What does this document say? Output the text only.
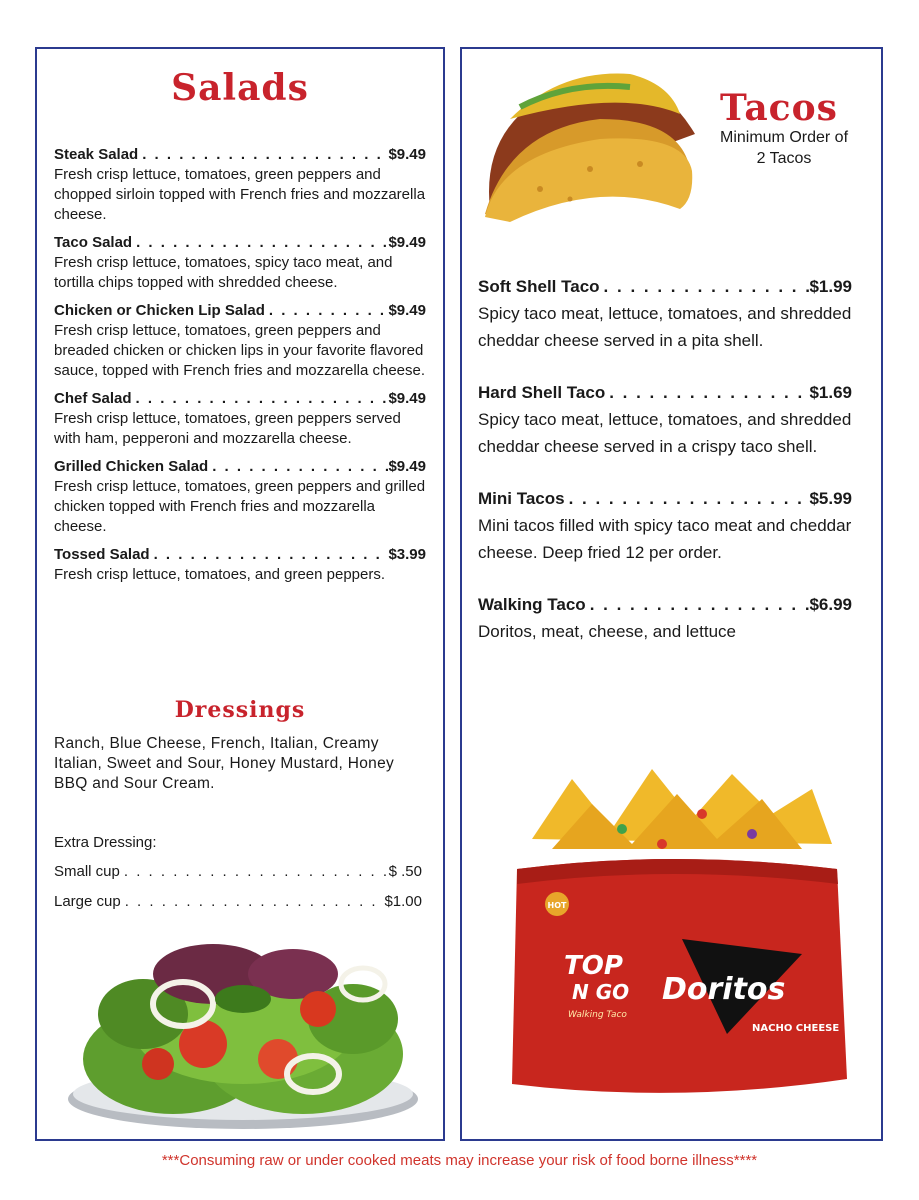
Salads
Steak Salad . . .	$9.49
Fresh crisp lettuce, tomatoes, green peppers and chopped sirloin topped with French fries and mozzarella cheese.
Taco Salad . . .	$9.49
Fresh crisp lettuce, tomatoes, spicy taco meat, and tortilla chips topped with shredded cheese.
Chicken or Chicken Lip Salad . . .	$9.49
Fresh crisp lettuce, tomatoes, green peppers and breaded chicken or chicken lips in your favorite flavored sauce, topped with French fries and mozzarella cheese.
Chef Salad . . .	$9.49
Fresh crisp lettuce, tomatoes, green peppers served with ham, pepperoni and mozzarella cheese.
Grilled Chicken Salad . . .	$9.49
Fresh crisp lettuce, tomatoes, green peppers and grilled chicken topped with French fries and mozzarella cheese.
Tossed Salad . . .	$3.99
Fresh crisp lettuce, tomatoes, and green peppers.
Dressings
Ranch, Blue Cheese, French, Italian, Creamy Italian, Sweet and Sour, Honey Mustard, Honey BBQ and Sour Cream.
Extra Dressing:
Small cup . . .	$ .50
Large cup . . .	$1.00
Tacos
Minimum Order of 2 Tacos
Soft Shell Taco . . .	$1.99
Spicy taco meat, lettuce, tomatoes, and shredded cheddar cheese served in a pita shell.
Hard Shell Taco . . .	$1.69
Spicy taco meat, lettuce, tomatoes, and shredded cheddar cheese served in a crispy taco shell.
Mini Tacos . . .	$5.99
Mini tacos filled with spicy taco meat and cheddar cheese. Deep fried 12 per order.
Walking Taco . . .	$6.99
Doritos, meat, cheese, and lettuce
HOT
TOP
N GO
Walking Taco
Doritos
NACHO CHEESE
***Consuming raw or under cooked meats may increase your risk of food borne illness****
